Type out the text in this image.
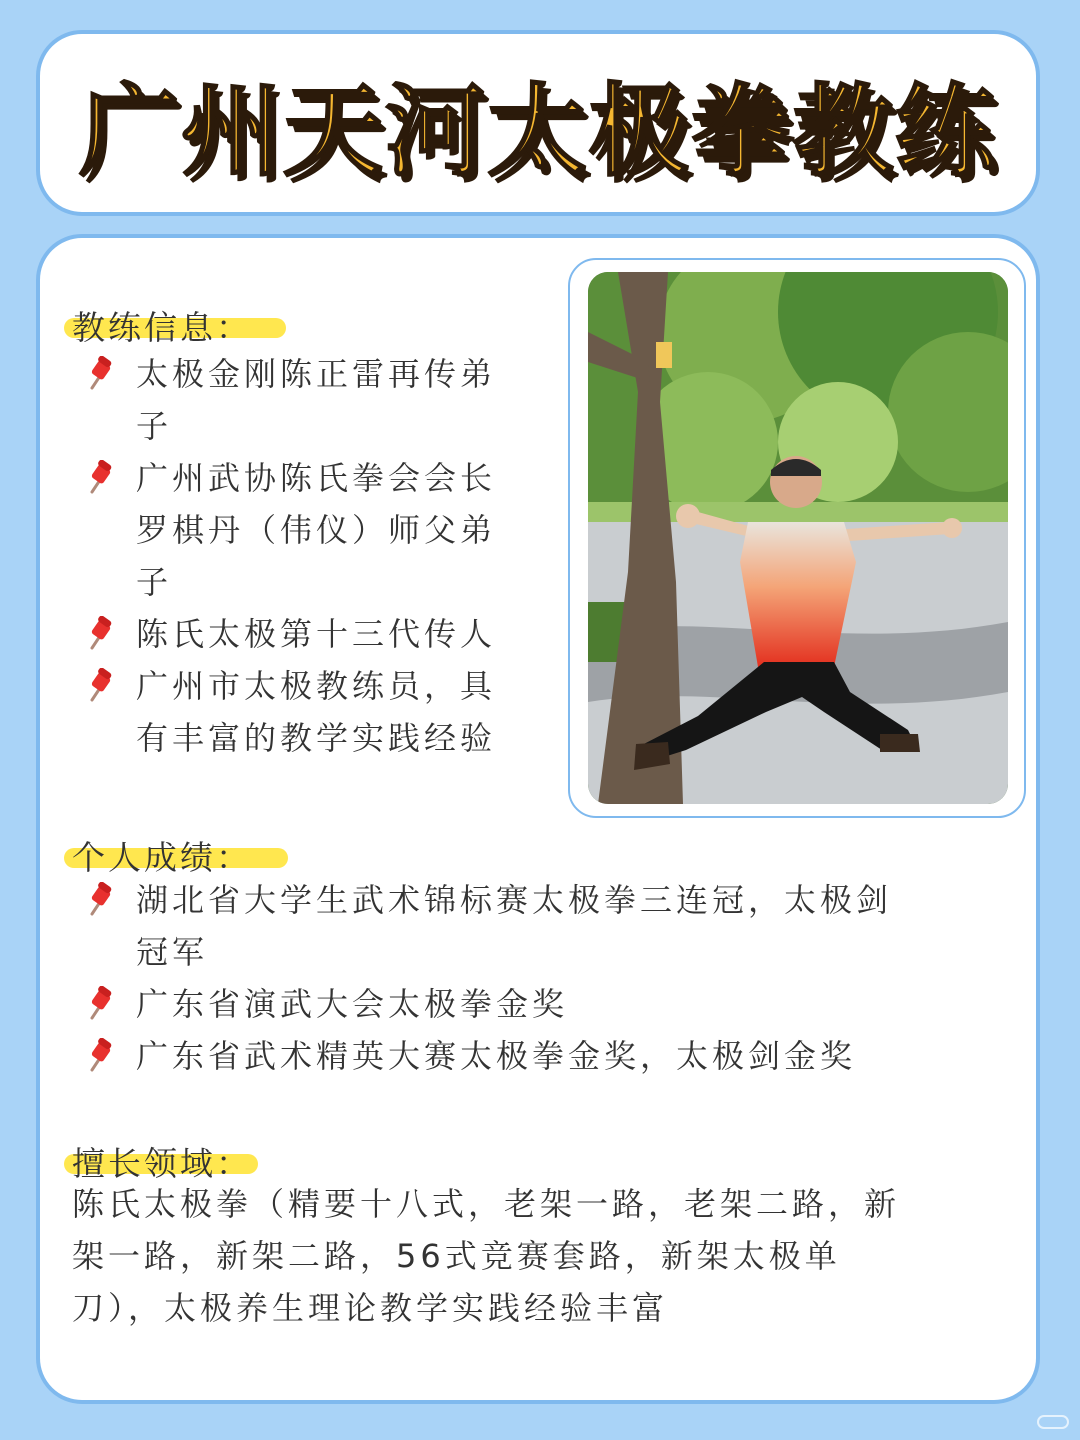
广州天河太极拳教练
教练信息：
太极金刚陈正雷再传弟
子
广州武协陈氏拳会会长
罗棋丹（伟仪）师父弟
子
陈氏太极第十三代传人
广州市太极教练员，具
有丰富的教学实践经验
个人成绩：
湖北省大学生武术锦标赛太极拳三连冠，太极剑
冠军
广东省演武大会太极拳金奖
广东省武术精英大赛太极拳金奖，太极剑金奖
擅长领域：
陈氏太极拳（精要十八式，老架一路，老架二路，新
架一路，新架二路，56式竞赛套路，新架太极单
刀），太极养生理论教学实践经验丰富
